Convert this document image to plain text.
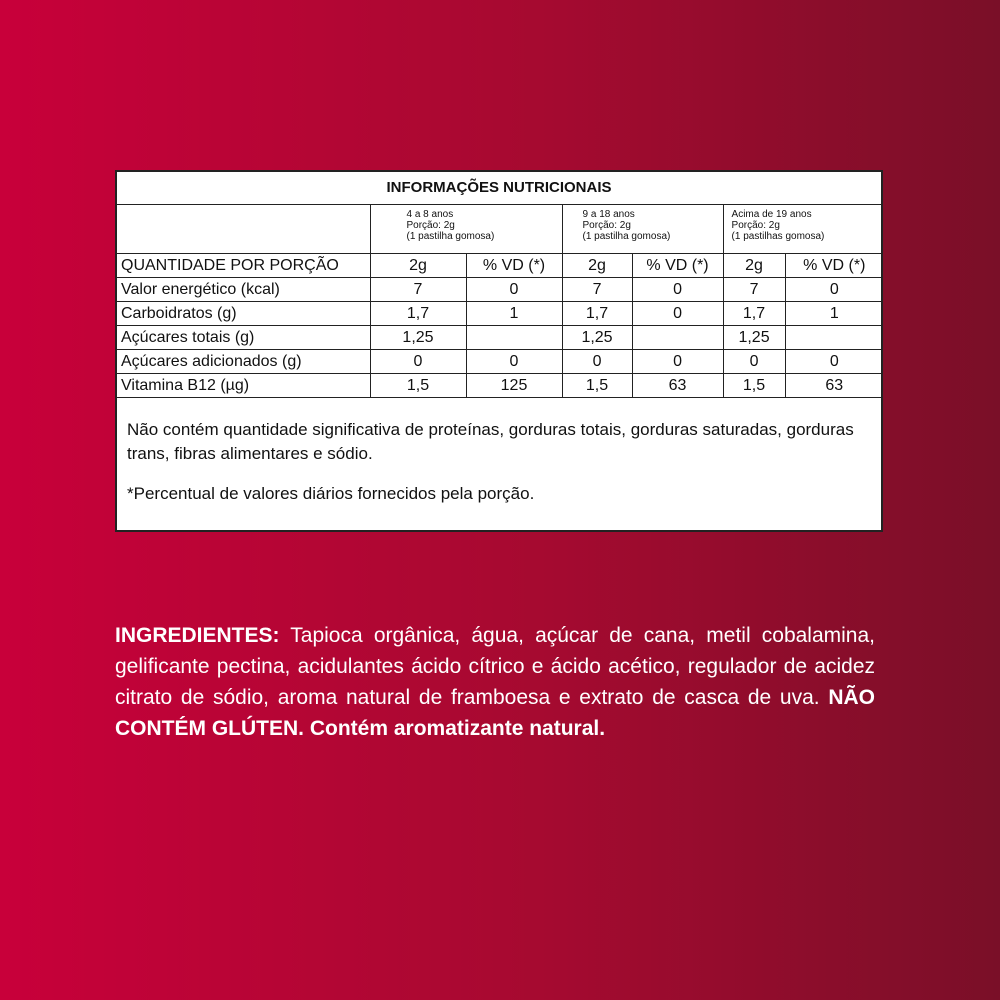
INFORMAÇÕES NUTRICIONAIS

	4 a 8 anos
Porção: 2g
(1 pastilha gomosa)		9 a 18 anos
Porção: 2g
(1 pastilha gomosa)		Acima de 19 anos
Porção: 2g
(1 pastilhas gomosa)	

QUANTIDADE POR PORÇÃO	2g	% VD (*)	2g	% VD (*)	2g	% VD (*)
Valor energético (kcal)	7	0	7	0	7	0
Carboidratos (g)	1,7	1	1,7	0	1,7	1
Açúcares totais (g)	1,25		1,25		1,25	
Açúcares adicionados (g)	0	0	0	0	0	0
Vitamina B12 (µg)	1,5	125	1,5	63	1,5	63

Não contém quantidade significativa de proteínas, gorduras totais, gorduras saturadas, gorduras trans, fibras alimentares e sódio.

*Percentual de valores diários fornecidos pela porção.

INGREDIENTES: Tapioca orgânica, água, açúcar de cana, metil cobalamina, gelificante pectina, acidulantes ácido cítrico e ácido acético, regulador de acidez citrato de sódio, aroma natural de framboesa e extrato de casca de uva. NÃO CONTÉM GLÚTEN. Contém aromatizante natural.
